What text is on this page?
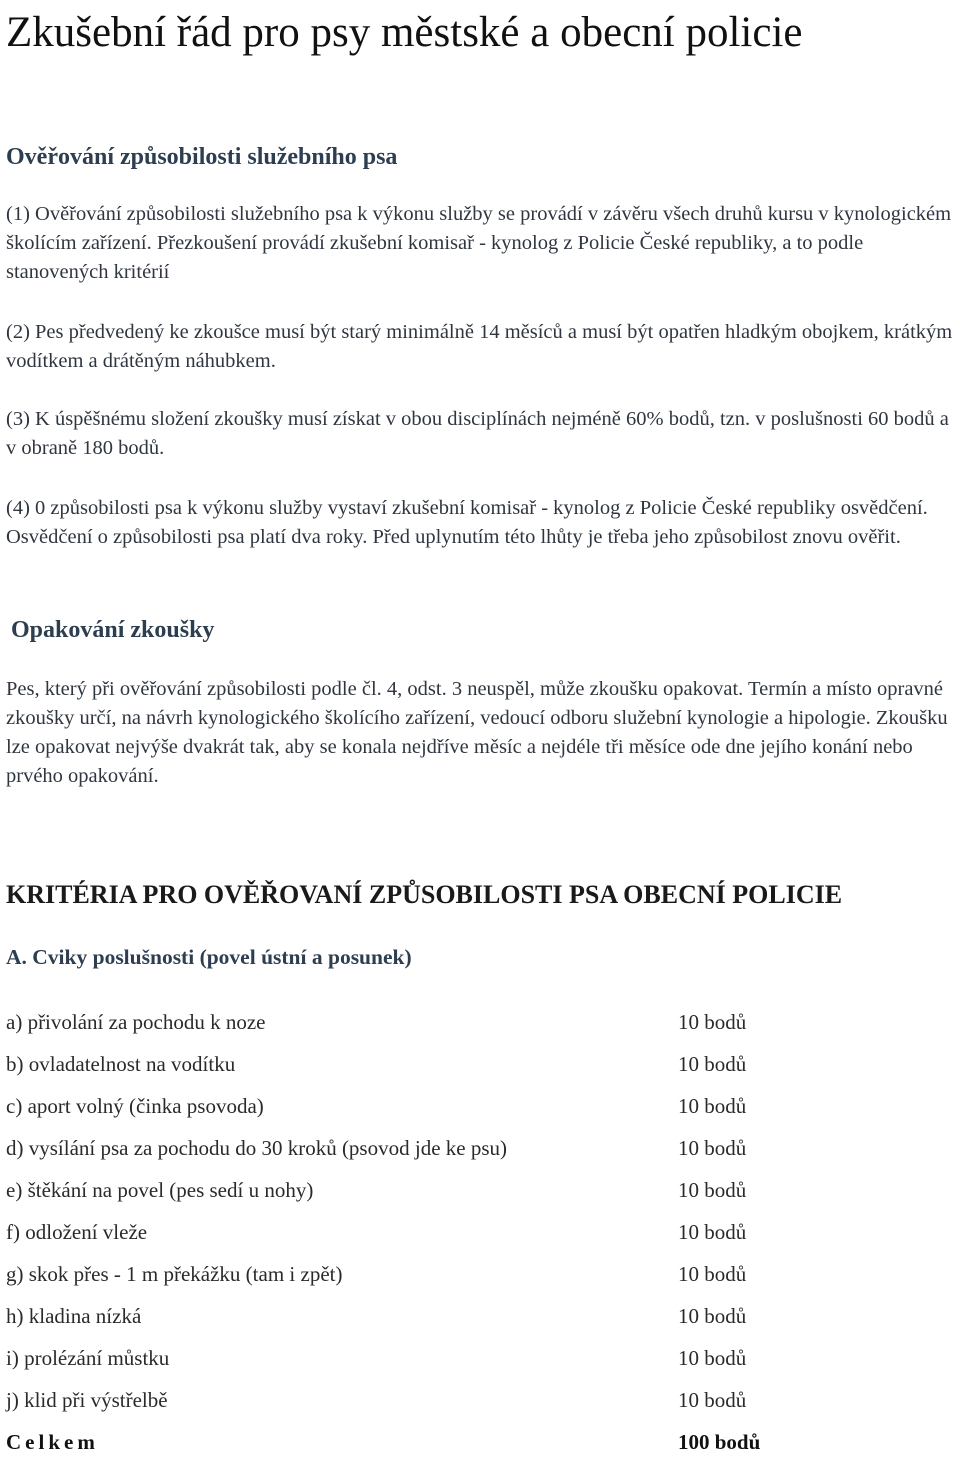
Zkušební řád pro psy městské a obecní policie
Ověřování způsobilosti služebního psa

(1) Ověřování způsobilosti služebního psa k výkonu služby se provádí v závěru všech druhů kursu v kynologickém školícím zařízení. Přezkoušení provádí zkušební komisař - kynolog z Policie České republiky, a to podle stanovených kritérií

(2) Pes předvedený ke zkoušce musí být starý minimálně 14 měsíců a musí být opatřen hladkým obojkem, krátkým vodítkem a drátěným náhubkem.

(3) K úspěšnému složení zkoušky musí získat v obou disciplínách nejméně 60% bodů, tzn. v poslušnosti 60 bodů a v obraně 180 bodů.

(4) 0 způsobilosti psa k výkonu služby vystaví zkušební komisař - kynolog z Policie České republiky osvědčení. Osvědčení o způsobilosti psa platí dva roky. Před uplynutím této lhůty je třeba jeho způsobilost znovu ověřit.

Opakování zkoušky

Pes, který při ověřování způsobilosti podle čl. 4, odst. 3 neuspěl, může zkoušku opakovat. Termín a místo opravné zkoušky určí, na návrh kynologického školícího zařízení, vedoucí odboru služební kynologie a hipologie. Zkoušku lze opakovat nejvýše dvakrát tak, aby se konala nejdříve měsíc a nejdéle tři měsíce ode dne jejího konání nebo prvého opakování.

KRITÉRIA PRO OVĚŘOVANÍ ZPŮSOBILOSTI PSA OBECNÍ POLICIE
A. Cviky poslušnosti (povel ústní a posunek)
a) přivolání za pochodu k noze	10 bodů
b) ovladatelnost na vodítku	10 bodů
c) aport volný (činka psovoda)	10 bodů
d) vysílání psa za pochodu do 30 kroků (psovod jde ke psu)	10 bodů
e) štěkání na povel (pes sedí u nohy)	10 bodů
f) odložení vleže	10 bodů
g) skok přes - 1 m překážku (tam i zpět)	10 bodů
h) kladina nízká	10 bodů
i) prolézání můstku	10 bodů
j) klid při výstřelbě	10 bodů
Celkem	100 bodů
